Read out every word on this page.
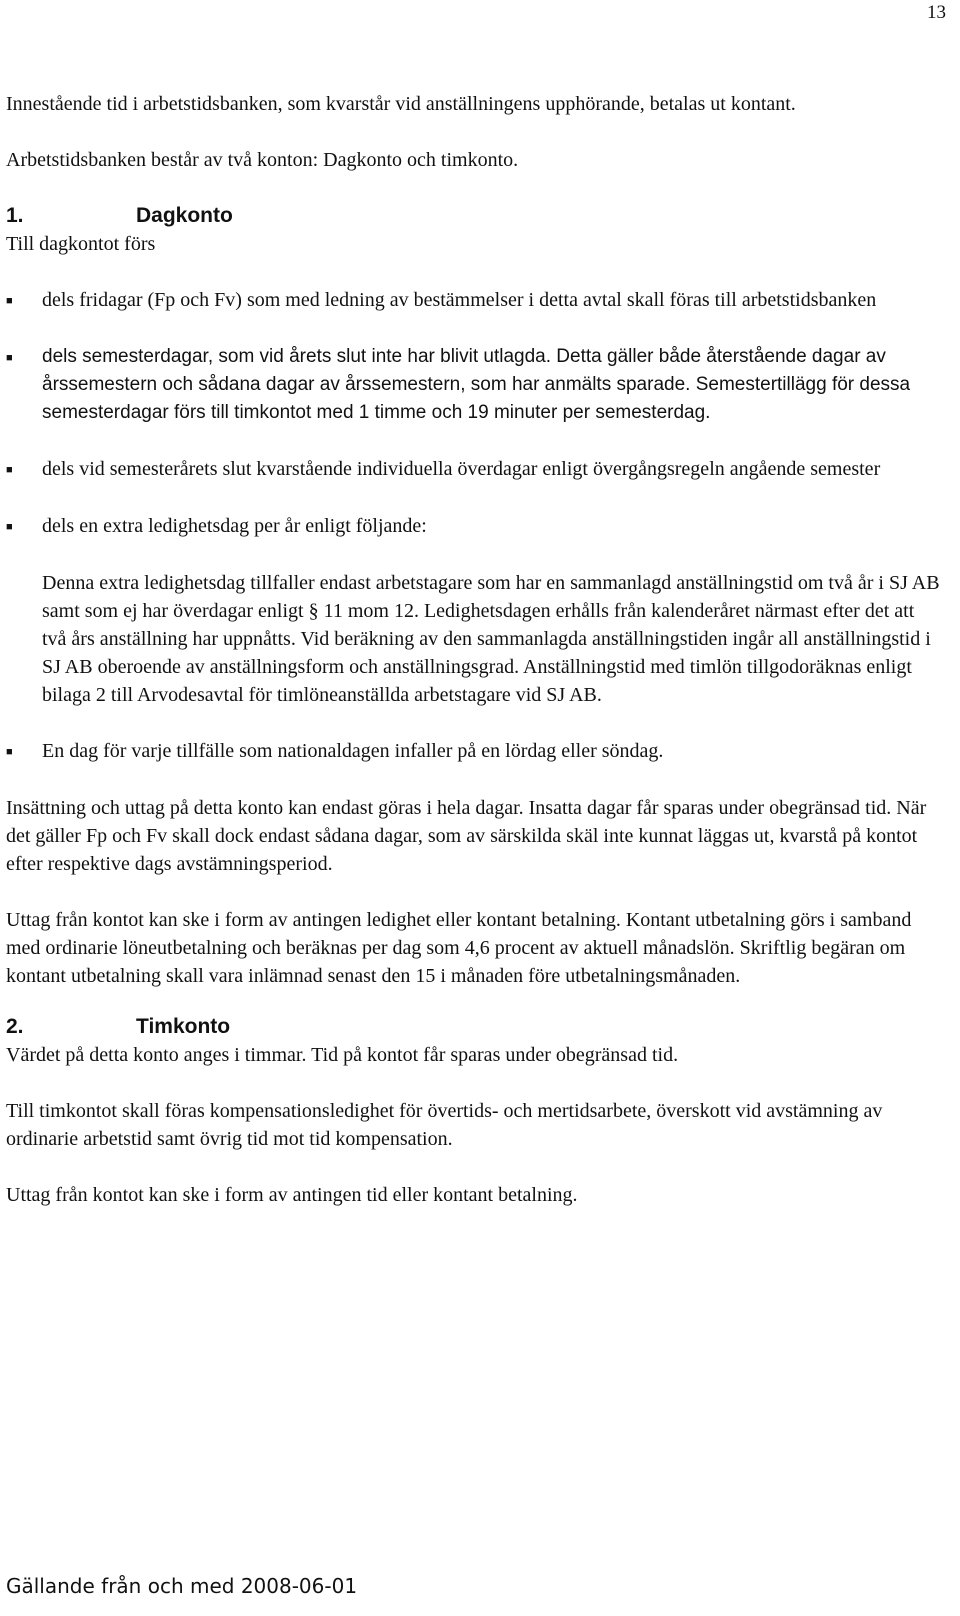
13

Innestående tid i arbetstidsbanken, som kvarstår vid anställningens upphörande, betalas ut kontant.

Arbetstidsbanken består av två konton: Dagkonto och timkonto.

1.	Dagkonto

Till dagkontot förs

■	dels fridagar (Fp och Fv) som med ledning av bestämmelser i detta avtal skall föras till arbetstidsbanken
■	dels semesterdagar, som vid årets slut inte har blivit utlagda. Detta gäller både återstående dagar av årssemestern och sådana dagar av årssemestern, som har anmälts sparade. Semestertillägg för dessa semesterdagar förs till timkontot med 1 timme och 19 minuter per semesterdag.
■	dels vid semesterårets slut kvarstående individuella överdagar enligt övergångsregeln angående semester
■	dels en extra ledighetsdag per år enligt följande:

Denna extra ledighetsdag tillfaller endast arbetstagare som har en sammanlagd anställningstid om två år i SJ AB samt som ej har överdagar enligt § 11 mom 12. Ledighetsdagen erhålls från kalenderåret närmast efter det att två års anställning har uppnåtts. Vid beräkning av den sammanlagda anställningstiden ingår all anställningstid i SJ AB oberoende av anställningsform och anställningsgrad. Anställningstid med timlön tillgodoräknas enligt bilaga 2 till Arvodesavtal för timlöneanställda arbetstagare vid SJ AB.

■	En dag för varje tillfälle som nationaldagen infaller på en lördag eller söndag.

Insättning och uttag på detta konto kan endast göras i hela dagar. Insatta dagar får sparas under obegränsad tid. När det gäller Fp och Fv skall dock endast sådana dagar, som av särskilda skäl inte kunnat läggas ut, kvarstå på kontot efter respektive dags avstämningsperiod.

Uttag från kontot kan ske i form av antingen ledighet eller kontant betalning. Kontant utbetalning görs i samband med ordinarie löneutbetalning och beräknas per dag som 4,6 procent av aktuell månadslön. Skriftlig begäran om kontant utbetalning skall vara inlämnad senast den 15 i månaden före utbetalningsmånaden.

2.	Timkonto

Värdet på detta konto anges i timmar. Tid på kontot får sparas under obegränsad tid.

Till timkontot skall föras kompensationsledighet för övertids- och mertidsarbete, överskott vid avstämning av ordinarie arbetstid samt övrig tid mot tid kompensation.

Uttag från kontot kan ske i form av antingen tid eller kontant betalning.

Gällande från och med 2008-06-01
